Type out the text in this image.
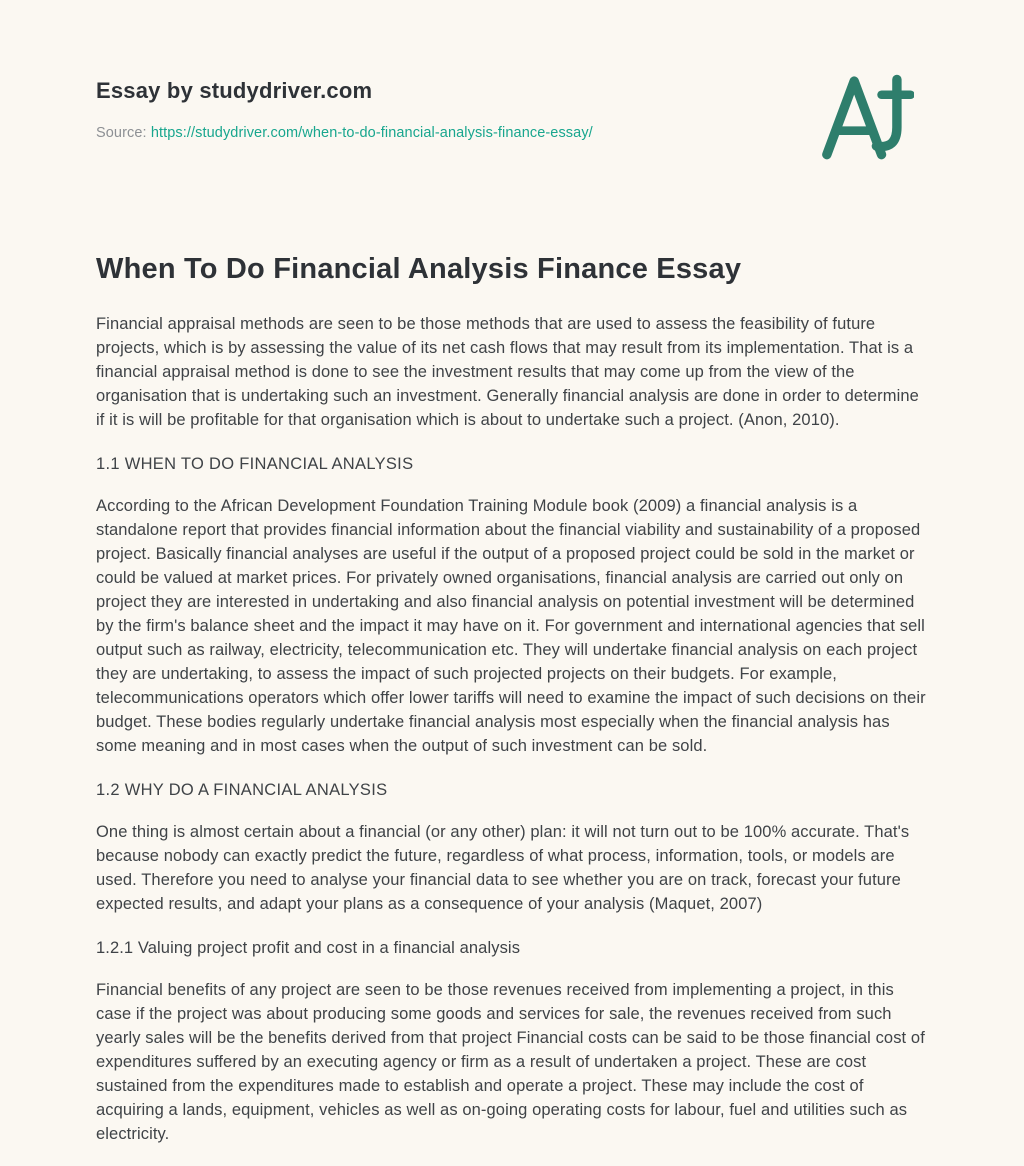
Essay by studydriver.com
Source: https://studydriver.com/when-to-do-financial-analysis-finance-essay/
When To Do Financial Analysis Finance Essay

Financial appraisal methods are seen to be those methods that are used to assess the feasibility of future projects, which is by assessing the value of its net cash flows that may result from its implementation. That is a financial appraisal method is done to see the investment results that may come up from the view of the organisation that is undertaking such an investment. Generally financial analysis are done in order to determine if it is will be profitable for that organisation which is about to undertake such a project. (Anon, 2010).

1.1 WHEN TO DO FINANCIAL ANALYSIS

According to the African Development Foundation Training Module book (2009) a financial analysis is a standalone report that provides financial information about the financial viability and sustainability of a proposed project. Basically financial analyses are useful if the output of a proposed project could be sold in the market or could be valued at market prices. For privately owned organisations, financial analysis are carried out only on project they are interested in undertaking and also financial analysis on potential investment will be determined by the firm's balance sheet and the impact it may have on it. For government and international agencies that sell output such as railway, electricity, telecommunication etc. They will undertake financial analysis on each project they are undertaking, to assess the impact of such projected projects on their budgets. For example, telecommunications operators which offer lower tariffs will need to examine the impact of such decisions on their budget. These bodies regularly undertake financial analysis most especially when the financial analysis has some meaning and in most cases when the output of such investment can be sold.

1.2 WHY DO A FINANCIAL ANALYSIS

One thing is almost certain about a financial (or any other) plan: it will not turn out to be 100% accurate. That's because nobody can exactly predict the future, regardless of what process, information, tools, or models are used. Therefore you need to analyse your financial data to see whether you are on track, forecast your future expected results, and adapt your plans as a consequence of your analysis (Maquet, 2007)

1.2.1 Valuing project profit and cost in a financial analysis

Financial benefits of any project are seen to be those revenues received from implementing a project, in this case if the project was about producing some goods and services for sale, the revenues received from such yearly sales will be the benefits derived from that project Financial costs can be said to be those financial cost of expenditures suffered by an executing agency or firm as a result of undertaken a project. These are cost sustained from the expenditures made to establish and operate a project. These may include the cost of acquiring a lands, equipment, vehicles as well as on-going operating costs for labour, fuel and utilities such as electricity.
